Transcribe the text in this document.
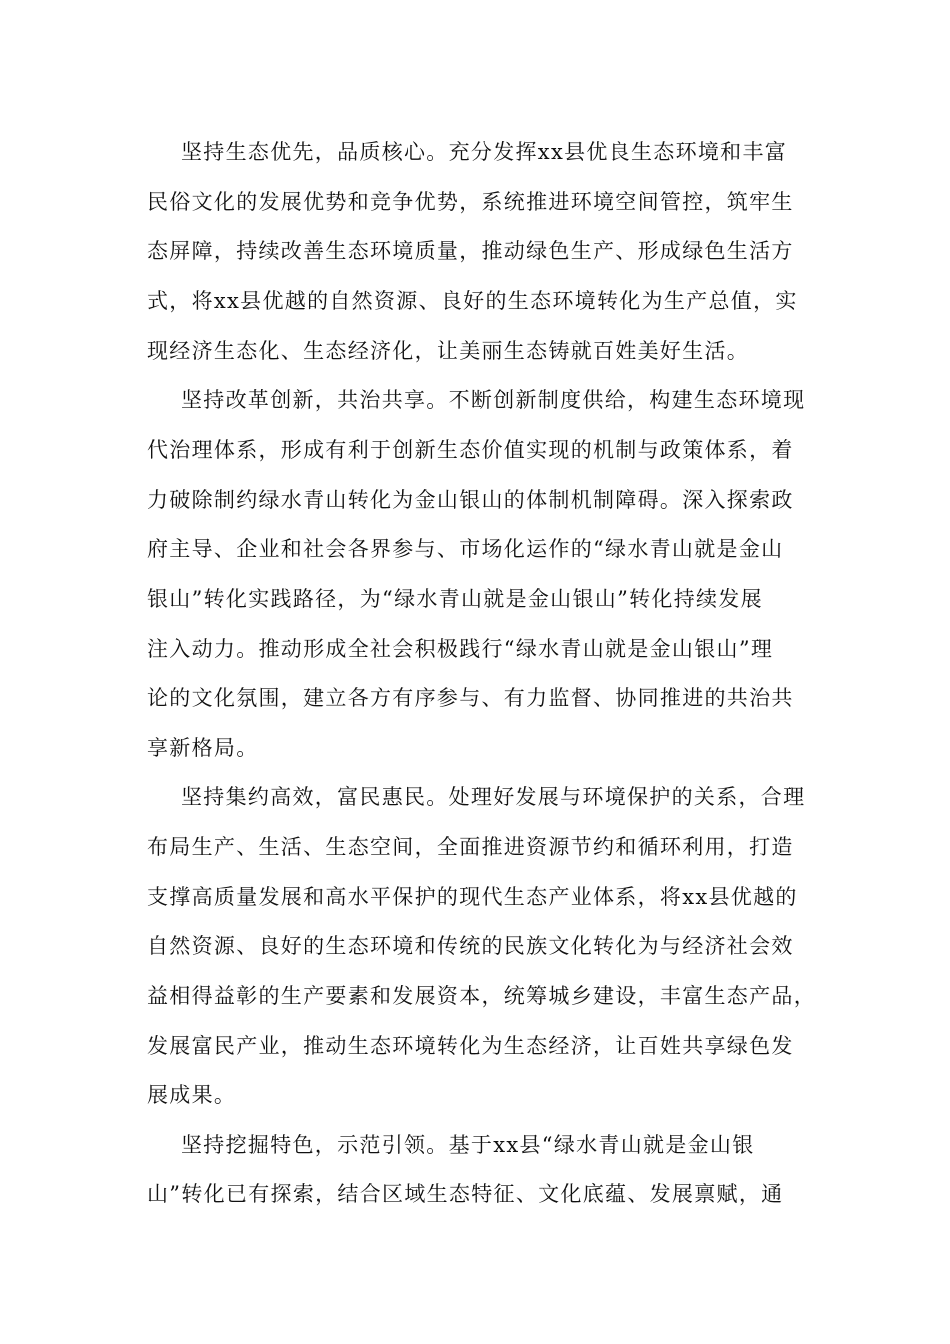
坚持生态优先，品质核心。充分发挥xx县优良生态环境和丰富
民俗文化的发展优势和竞争优势，系统推进环境空间管控，筑牢生
态屏障，持续改善生态环境质量，推动绿色生产、形成绿色生活方
式，将xx县优越的自然资源、良好的生态环境转化为生产总值，实
现经济生态化、生态经济化，让美丽生态铸就百姓美好生活。
坚持改革创新，共治共享。不断创新制度供给，构建生态环境现
代治理体系，形成有利于创新生态价值实现的机制与政策体系，着
力破除制约绿水青山转化为金山银山的体制机制障碍。深入探索政
府主导、企业和社会各界参与、市场化运作的“绿水青山就是金山
银山”转化实践路径，为“绿水青山就是金山银山”转化持续发展
注入动力。推动形成全社会积极践行“绿水青山就是金山银山”理
论的文化氛围，建立各方有序参与、有力监督、协同推进的共治共
享新格局。
坚持集约高效，富民惠民。处理好发展与环境保护的关系，合理
布局生产、生活、生态空间，全面推进资源节约和循环利用，打造
支撑高质量发展和高水平保护的现代生态产业体系，将xx县优越的
自然资源、良好的生态环境和传统的民族文化转化为与经济社会效
益相得益彰的生产要素和发展资本，统筹城乡建设，丰富生态产品，
发展富民产业，推动生态环境转化为生态经济，让百姓共享绿色发
展成果。
坚持挖掘特色，示范引领。基于xx县“绿水青山就是金山银
山”转化已有探索，结合区域生态特征、文化底蕴、发展禀赋，通
